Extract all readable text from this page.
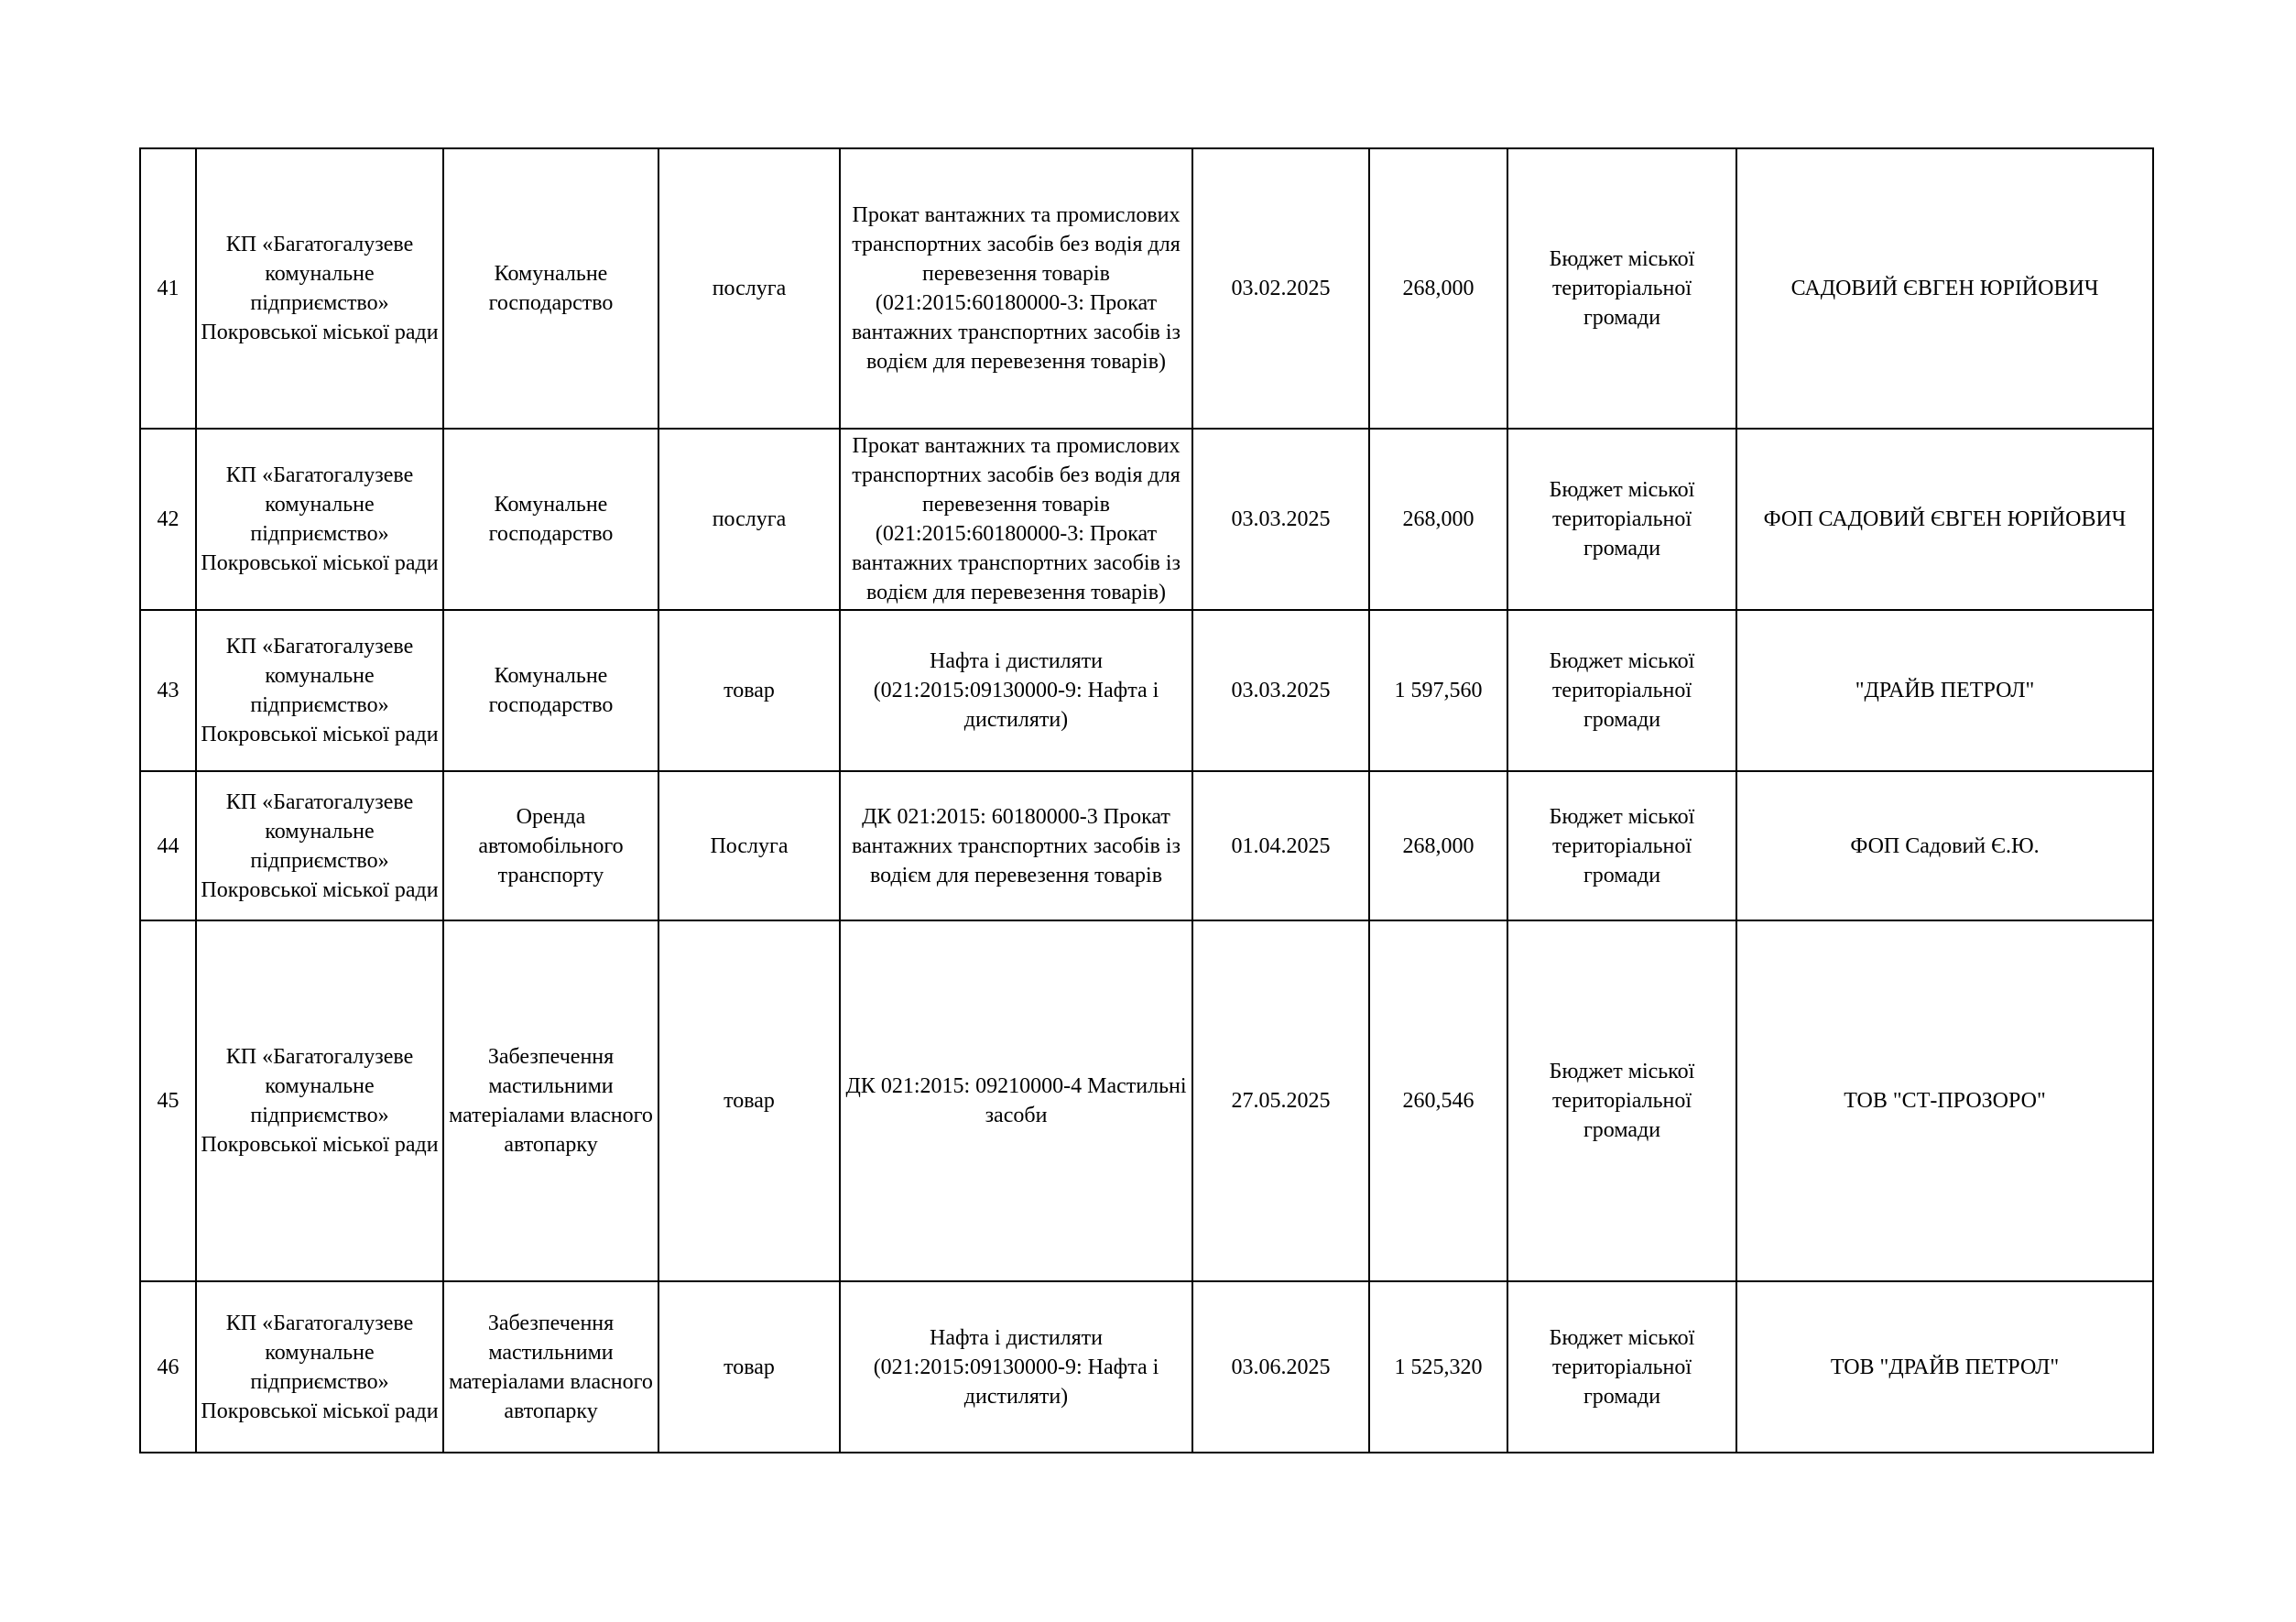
41	КП «Багатогалузеве комунальне підприємство» Покровської міської ради	Комунальне господарство	послуга	Прокат вантажних та промислових транспортних засобів без водія для перевезення товарів (021:2015:60180000-3: Прокат вантажних транспортних засобів із водієм для перевезення товарів)	03.02.2025	268,000	Бюджет міської територіальної громади	САДОВИЙ ЄВГЕН ЮРІЙОВИЧ
42	КП «Багатогалузеве комунальне підприємство» Покровської міської ради	Комунальне господарство	послуга	Прокат вантажних та промислових транспортних засобів без водія для перевезення товарів (021:2015:60180000-3: Прокат вантажних транспортних засобів із водієм для перевезення товарів)	03.03.2025	268,000	Бюджет міської територіальної громади	ФОП САДОВИЙ ЄВГЕН ЮРІЙОВИЧ
43	КП «Багатогалузеве комунальне підприємство» Покровської міської ради	Комунальне господарство	товар	Нафта і дистиляти (021:2015:09130000-9: Нафта і дистиляти)	03.03.2025	1 597,560	Бюджет міської територіальної громади	"ДРАЙВ ПЕТРОЛ"
44	КП «Багатогалузеве комунальне підприємство» Покровської міської ради	Оренда автомобільного транспорту	Послуга	ДК 021:2015: 60180000-3 Прокат вантажних транспортних засобів із водієм для перевезення товарів	01.04.2025	268,000	Бюджет міської територіальної громади	ФОП Садовий Є.Ю.
45	КП «Багатогалузеве комунальне підприємство» Покровської міської ради	Забезпечення мастильними матеріалами власного автопарку	товар	ДК 021:2015: 09210000-4 Мастильні засоби	27.05.2025	260,546	Бюджет міської територіальної громади	ТОВ "СТ-ПРОЗОРО"
46	КП «Багатогалузеве комунальне підприємство» Покровської міської ради	Забезпечення мастильними матеріалами власного автопарку	товар	Нафта і дистиляти (021:2015:09130000-9: Нафта і дистиляти)	03.06.2025	1 525,320	Бюджет міської територіальної громади	ТОВ "ДРАЙВ ПЕТРОЛ"
